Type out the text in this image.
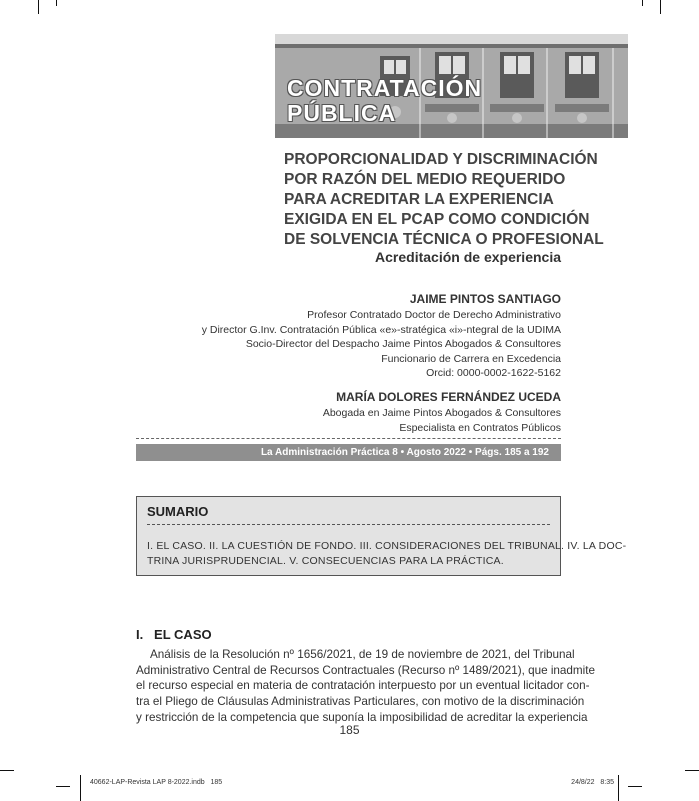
CONTRATACIÓN
PÚBLICA
PROPORCIONALIDAD Y DISCRIMINACIÓN
POR RAZÓN DEL MEDIO REQUERIDO
PARA ACREDITAR LA EXPERIENCIA
EXIGIDA EN EL PCAP COMO CONDICIÓN
DE SOLVENCIA TÉCNICA O PROFESIONAL
Acreditación de experiencia
JAIME PINTOS SANTIAGO
Profesor Contratado Doctor de Derecho Administrativo
y Director G.Inv. Contratación Pública «e»-stratégica «i»-ntegral de la UDIMA
Socio-Director del Despacho Jaime Pintos Abogados & Consultores
Funcionario de Carrera en Excedencia
Orcid: 0000-0002-1622-5162
MARÍA DOLORES FERNÁNDEZ UCEDA
Abogada en Jaime Pintos Abogados & Consultores
Especialista en Contratos Públicos
La Administración Práctica 8 • Agosto 2022 • Págs. 185 a 192
SUMARIO
I. EL CASO. II. LA CUESTIÓN DE FONDO. III. CONSIDERACIONES DEL TRIBUNAL. IV. LA DOC-
TRINA JURISPRUDENCIAL. V. CONSECUENCIAS PARA LA PRÁCTICA.
I.   EL CASO
Análisis de la Resolución nº 1656/2021, de 19 de noviembre de 2021, del Tribunal
Administrativo Central de Recursos Contractuales (Recurso nº 1489/2021), que inadmite
el recurso especial en materia de contratación interpuesto por un eventual licitador con-
tra el Pliego de Cláusulas Administrativas Particulares, con motivo de la discriminación
y restricción de la competencia que suponía la imposibilidad de acreditar la experiencia
185
40662-LAP-Revista LAP 8-2022.indb   185	24/8/22   8:35
